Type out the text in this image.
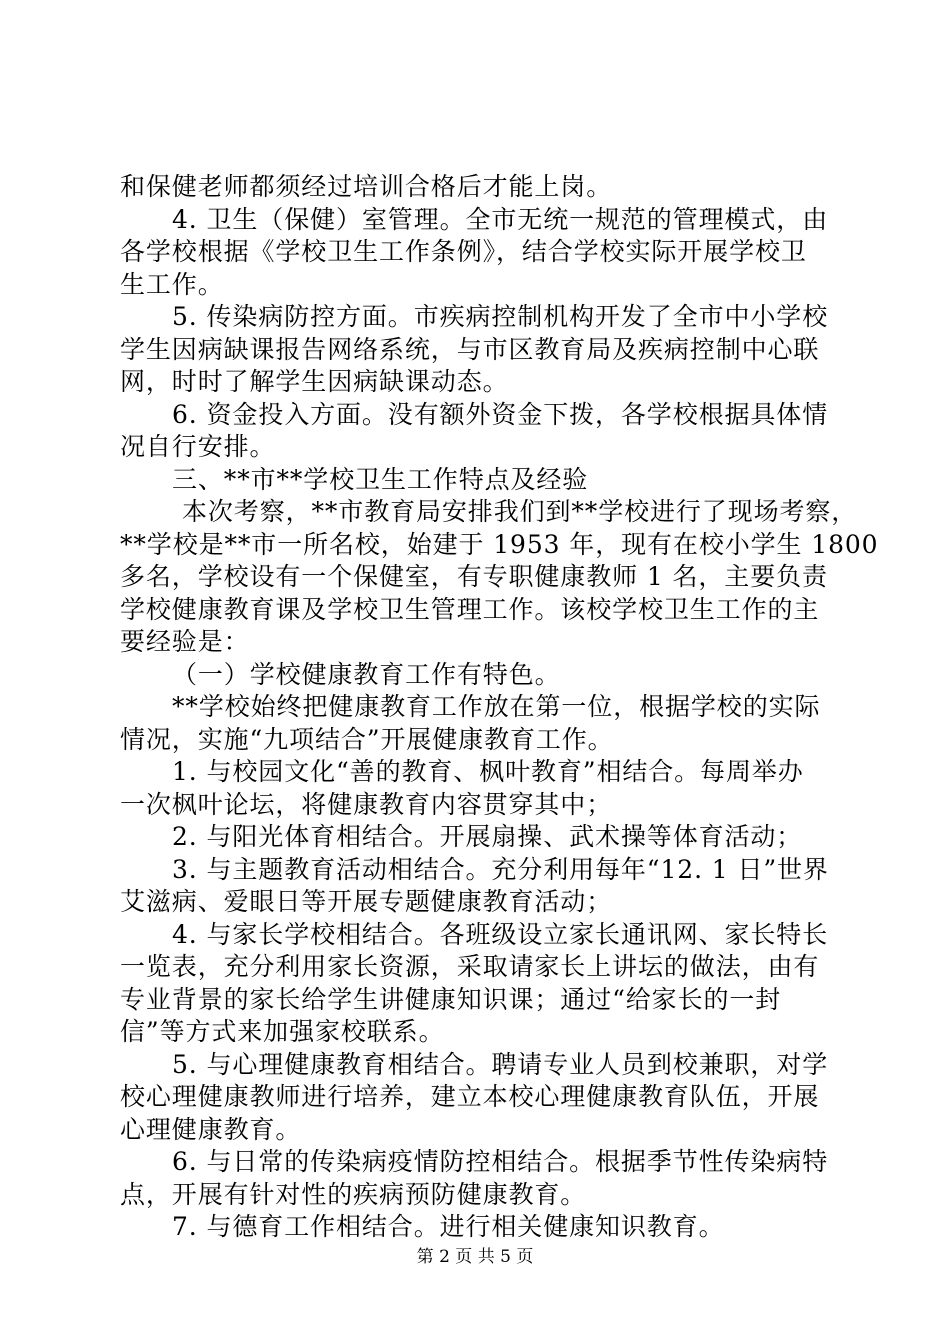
和保健老师都须经过培训合格后才能上岗。
4. 卫生（保健）室管理。全市无统一规范的管理模式，由
各学校根据《学校卫生工作条例》，结合学校实际开展学校卫
生工作。
5. 传染病防控方面。市疾病控制机构开发了全市中小学校
学生因病缺课报告网络系统，与市区教育局及疾病控制中心联
网，时时了解学生因病缺课动态。
6. 资金投入方面。没有额外资金下拨，各学校根据具体情
况自行安排。
三、**市**学校卫生工作特点及经验
本次考察，**市教育局安排我们到**学校进行了现场考察，
**学校是**市一所名校，始建于 1953 年，现有在校小学生 1800
多名，学校设有一个保健室，有专职健康教师 1 名，主要负责
学校健康教育课及学校卫生管理工作。该校学校卫生工作的主
要经验是：
（一）学校健康教育工作有特色。
**学校始终把健康教育工作放在第一位，根据学校的实际
情况，实施“九项结合”开展健康教育工作。
1. 与校园文化“善的教育、枫叶教育”相结合。每周举办
一次枫叶论坛，将健康教育内容贯穿其中；
2. 与阳光体育相结合。开展扇操、武术操等体育活动；
3. 与主题教育活动相结合。充分利用每年“12. 1 日”世界
艾滋病、爱眼日等开展专题健康教育活动；
4. 与家长学校相结合。各班级设立家长通讯网、家长特长
一览表，充分利用家长资源，采取请家长上讲坛的做法，由有
专业背景的家长给学生讲健康知识课；通过“给家长的一封
信”等方式来加强家校联系。
5. 与心理健康教育相结合。聘请专业人员到校兼职，对学
校心理健康教师进行培养，建立本校心理健康教育队伍，开展
心理健康教育。
6. 与日常的传染病疫情防控相结合。根据季节性传染病特
点，开展有针对性的疾病预防健康教育。
7. 与德育工作相结合。进行相关健康知识教育。
第 2 页 共 5 页
